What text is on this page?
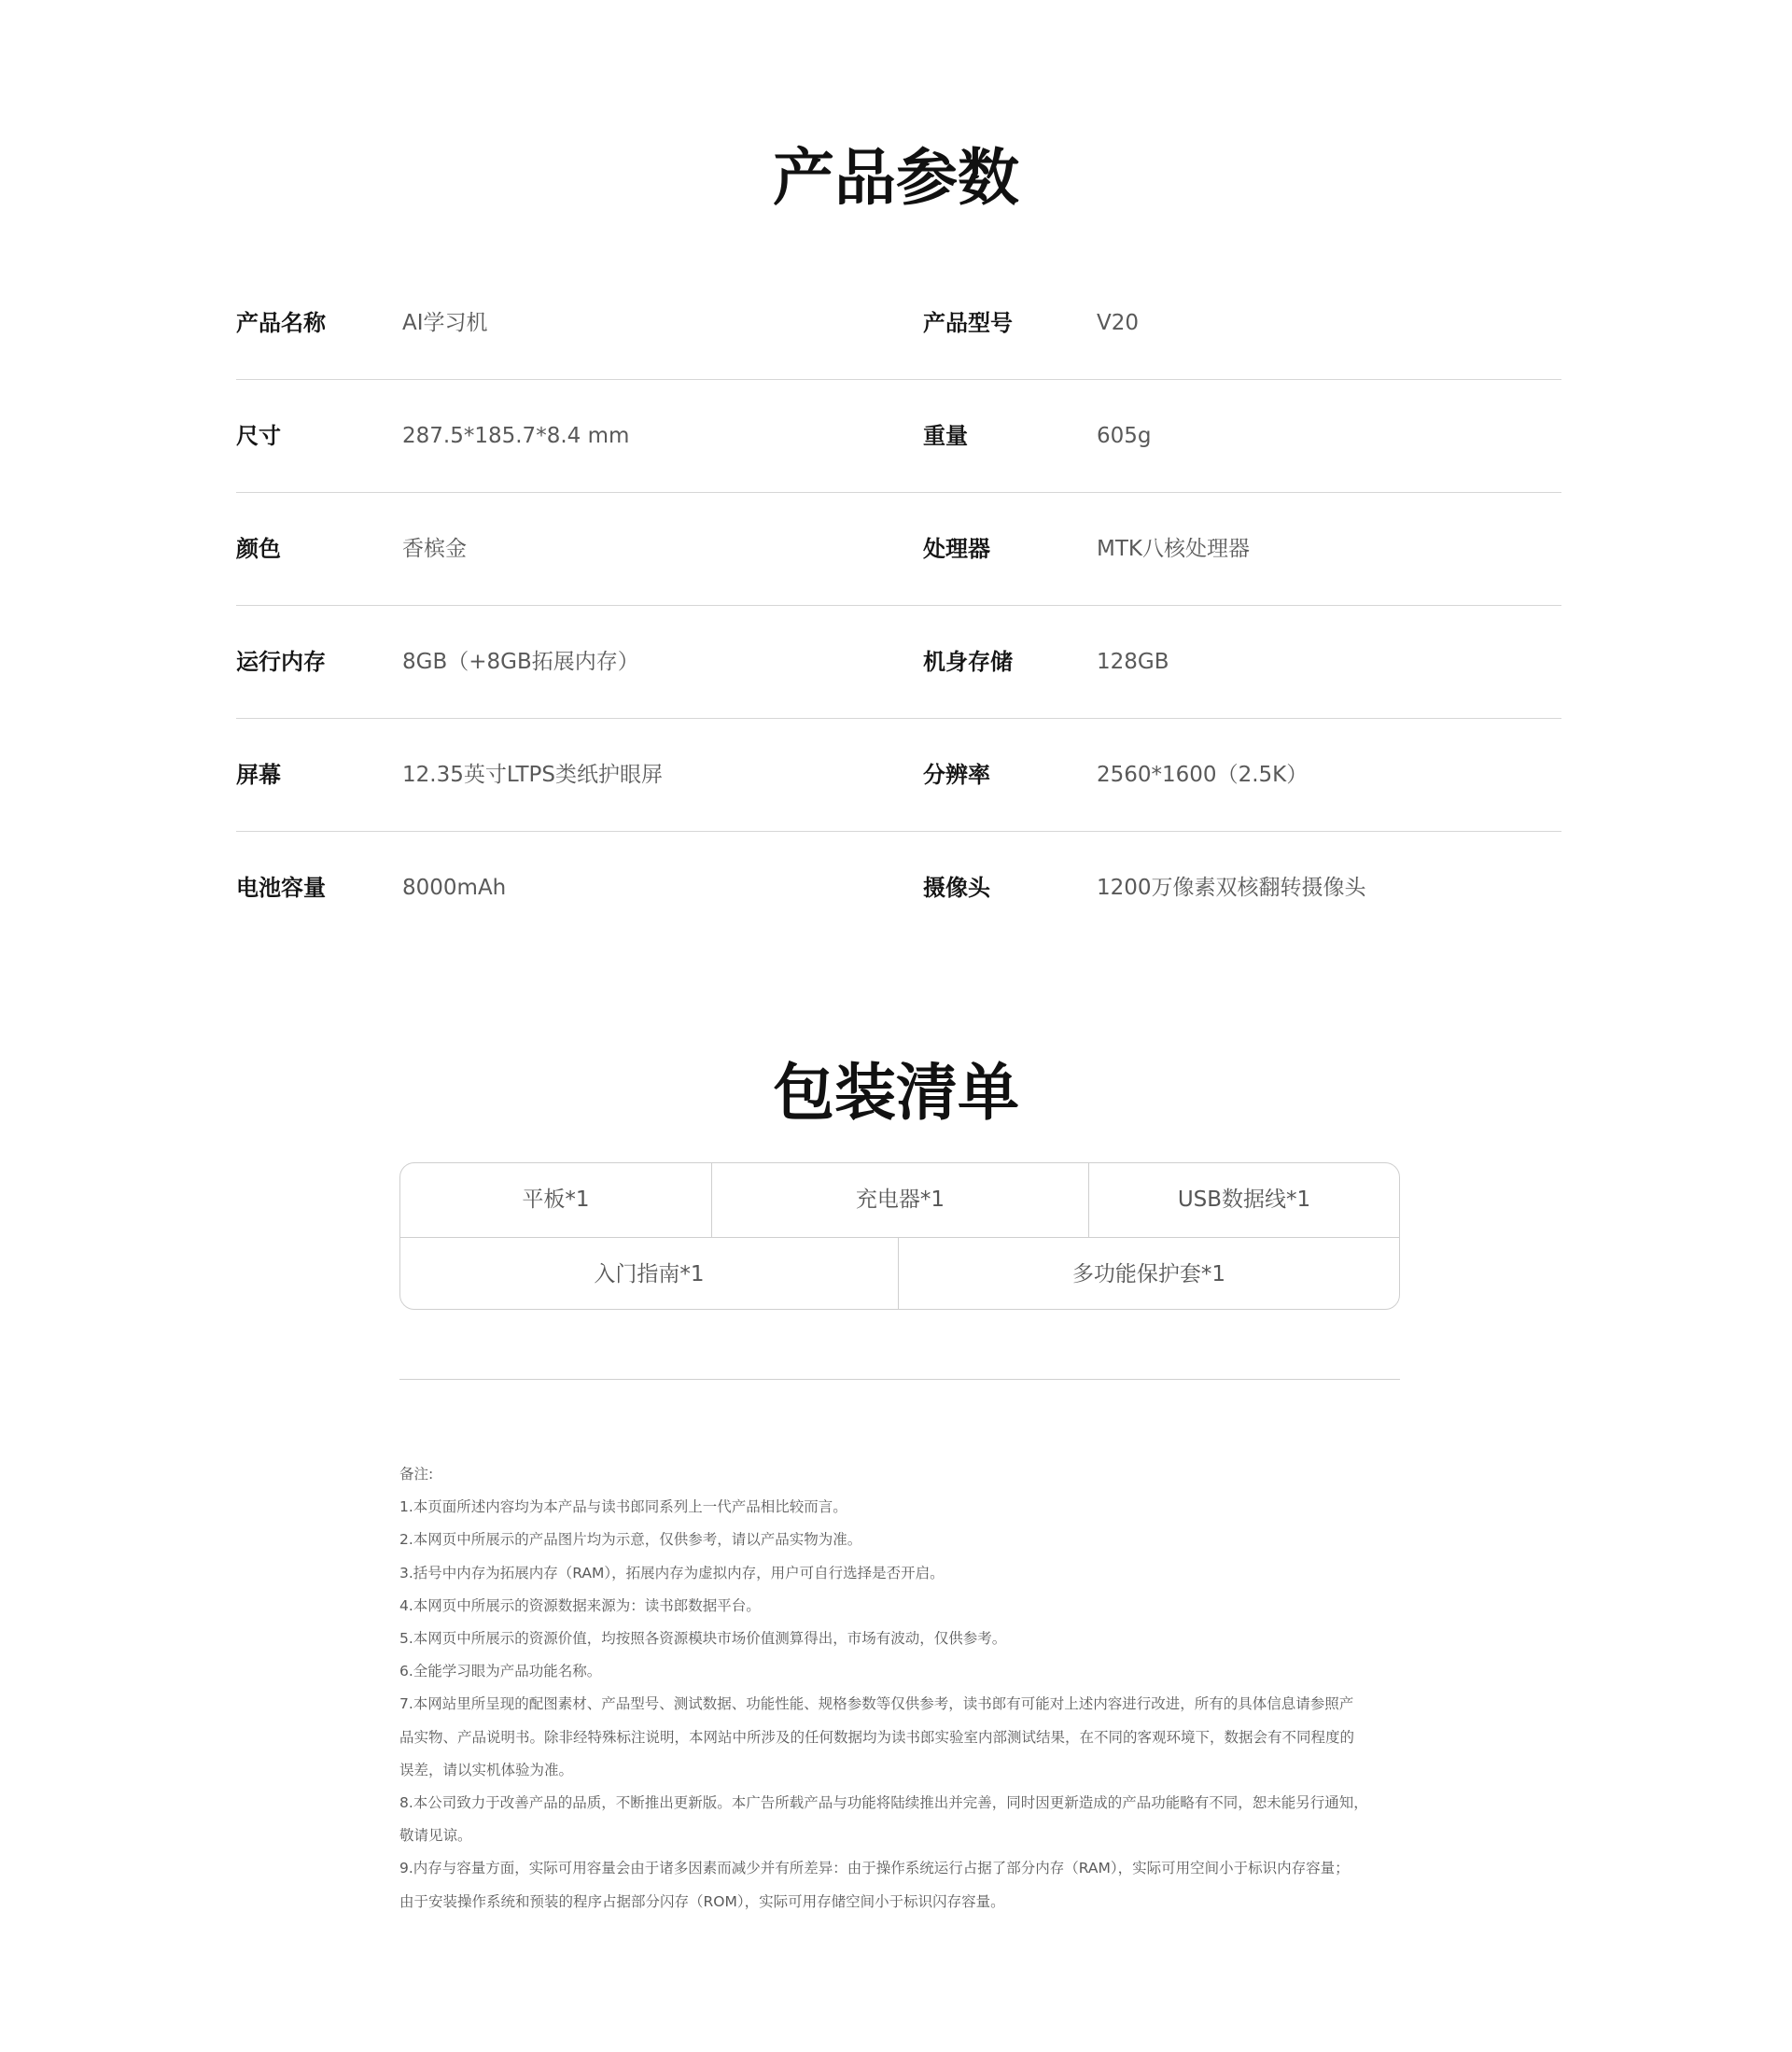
产品参数
产品名称	AI学习机	产品型号	V20
尺寸	287.5*185.7*8.4 mm	重量	605g
颜色	香槟金	处理器	MTK八核处理器
运行内存	8GB（+8GB拓展内存）	机身存储	128GB
屏幕	12.35英寸LTPS类纸护眼屏	分辨率	2560*1600（2.5K）
电池容量	8000mAh	摄像头	1200万像素双核翻转摄像头
包装清单
平板*1	充电器*1	USB数据线*1
入门指南*1	多功能保护套*1
备注:
1.本页面所述内容均为本产品与读书郎同系列上一代产品相比较而言。
2.本网页中所展示的产品图片均为示意，仅供参考，请以产品实物为准。
3.括号中内存为拓展内存（RAM），拓展内存为虚拟内存，用户可自行选择是否开启。
4.本网页中所展示的资源数据来源为：读书郎数据平台。
5.本网页中所展示的资源价值，均按照各资源模块市场价值测算得出，市场有波动，仅供参考。
6.全能学习眼为产品功能名称。
7.本网站里所呈现的配图素材、产品型号、测试数据、功能性能、规格参数等仅供参考，读书郎有可能对上述内容进行改进，所有的具体信息请参照产
品实物、产品说明书。除非经特殊标注说明，本网站中所涉及的任何数据均为读书郎实验室内部测试结果，在不同的客观环境下，数据会有不同程度的
误差，请以实机体验为准。
8.本公司致力于改善产品的品质，不断推出更新版。本广告所载产品与功能将陆续推出并完善，同时因更新造成的产品功能略有不同，恕未能另行通知，
敬请见谅。
9.内存与容量方面，实际可用容量会由于诸多因素而减少并有所差异：由于操作系统运行占据了部分内存（RAM），实际可用空间小于标识内存容量；
由于安装操作系统和预装的程序占据部分闪存（ROM），实际可用存储空间小于标识闪存容量。
